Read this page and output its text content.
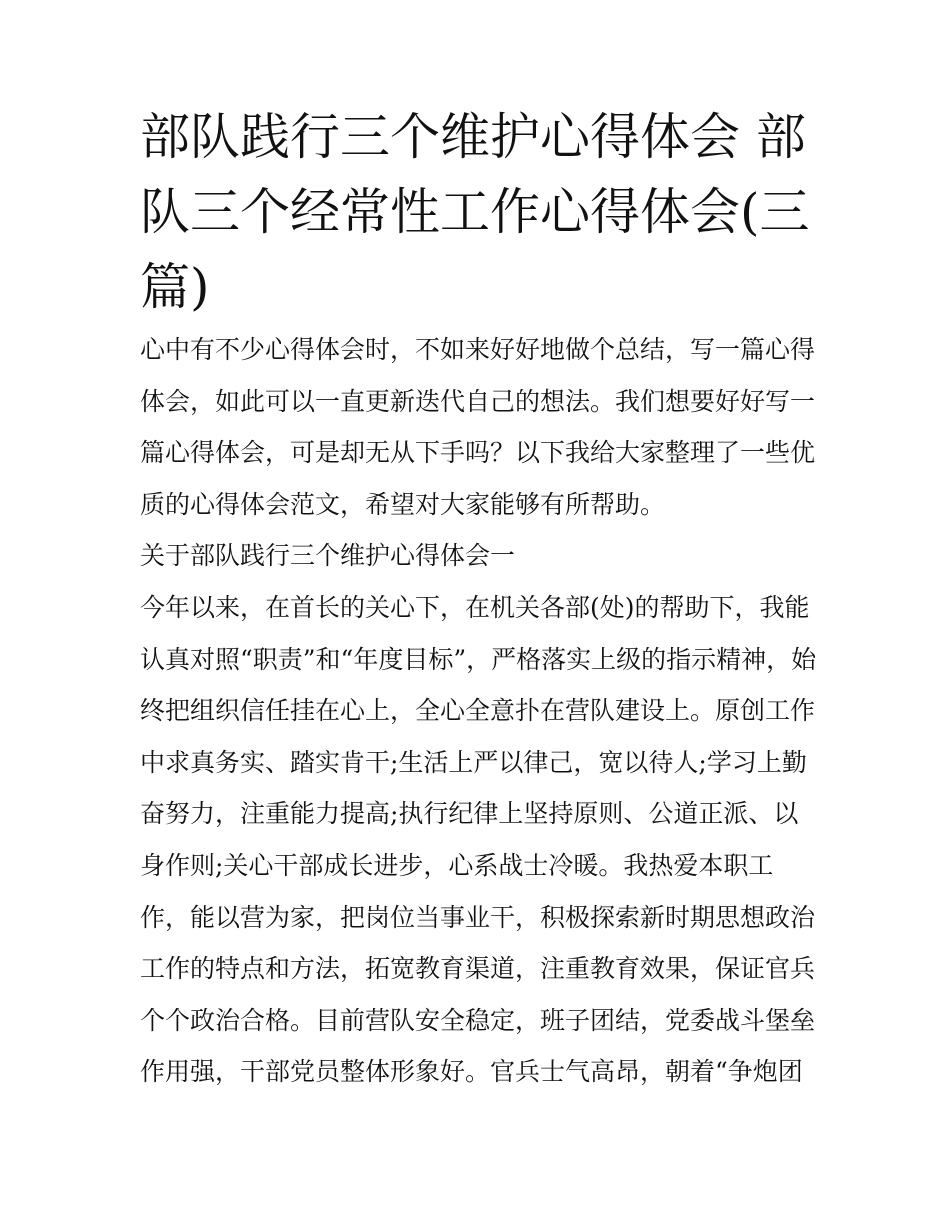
部队践行三个维护心得体会 部
队三个经常性工作心得体会(三
篇)
心中有不少心得体会时，不如来好好地做个总结，写一篇心得
体会，如此可以一直更新迭代自己的想法。我们想要好好写一
篇心得体会，可是却无从下手吗？以下我给大家整理了一些优
质的心得体会范文，希望对大家能够有所帮助。
关于部队践行三个维护心得体会一
今年以来，在首长的关心下，在机关各部(处)的帮助下，我能
认真对照“职责”和“年度目标”，严格落实上级的指示精神，始
终把组织信任挂在心上，全心全意扑在营队建设上。原创工作
中求真务实、踏实肯干;生活上严以律己，宽以待人;学习上勤
奋努力，注重能力提高;执行纪律上坚持原则、公道正派、以
身作则;关心干部成长进步，心系战士冷暖。我热爱本职工
作，能以营为家，把岗位当事业干，积极探索新时期思想政治
工作的特点和方法，拓宽教育渠道，注重教育效果，保证官兵
个个政治合格。目前营队安全稳定，班子团结，党委战斗堡垒
作用强，干部党员整体形象好。官兵士气高昂，朝着“争炮团
